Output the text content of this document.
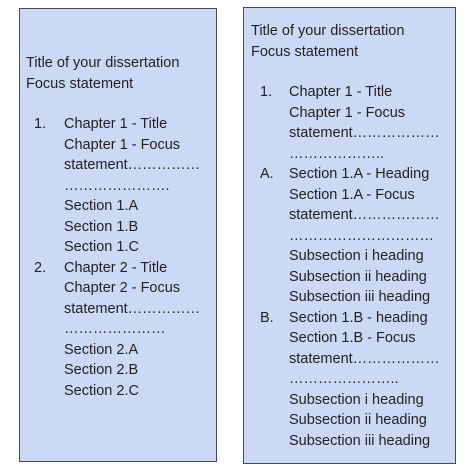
Title of your dissertation
Focus statement
1. Chapter 1 - Title
Chapter 1 - Focus
statement……………
………………….
Section 1.A
Section 1.B
Section 1.C
2. Chapter 2 - Title
Chapter 2 - Focus
statement……………
…………………
Section 2.A
Section 2.B
Section 2.C
Title of your dissertation
Focus statement
1. Chapter 1 - Title
Chapter 1 - Focus
statement………………
………………..
A. Section 1.A - Heading
Section 1.A - Focus
statement………………
…………………………
Subsection i heading
Subsection ii heading
Subsection iii heading
B. Section 1.B - heading
Section 1.B - Focus
statement………………
…………………..
Subsection i heading
Subsection ii heading
Subsection iii heading
